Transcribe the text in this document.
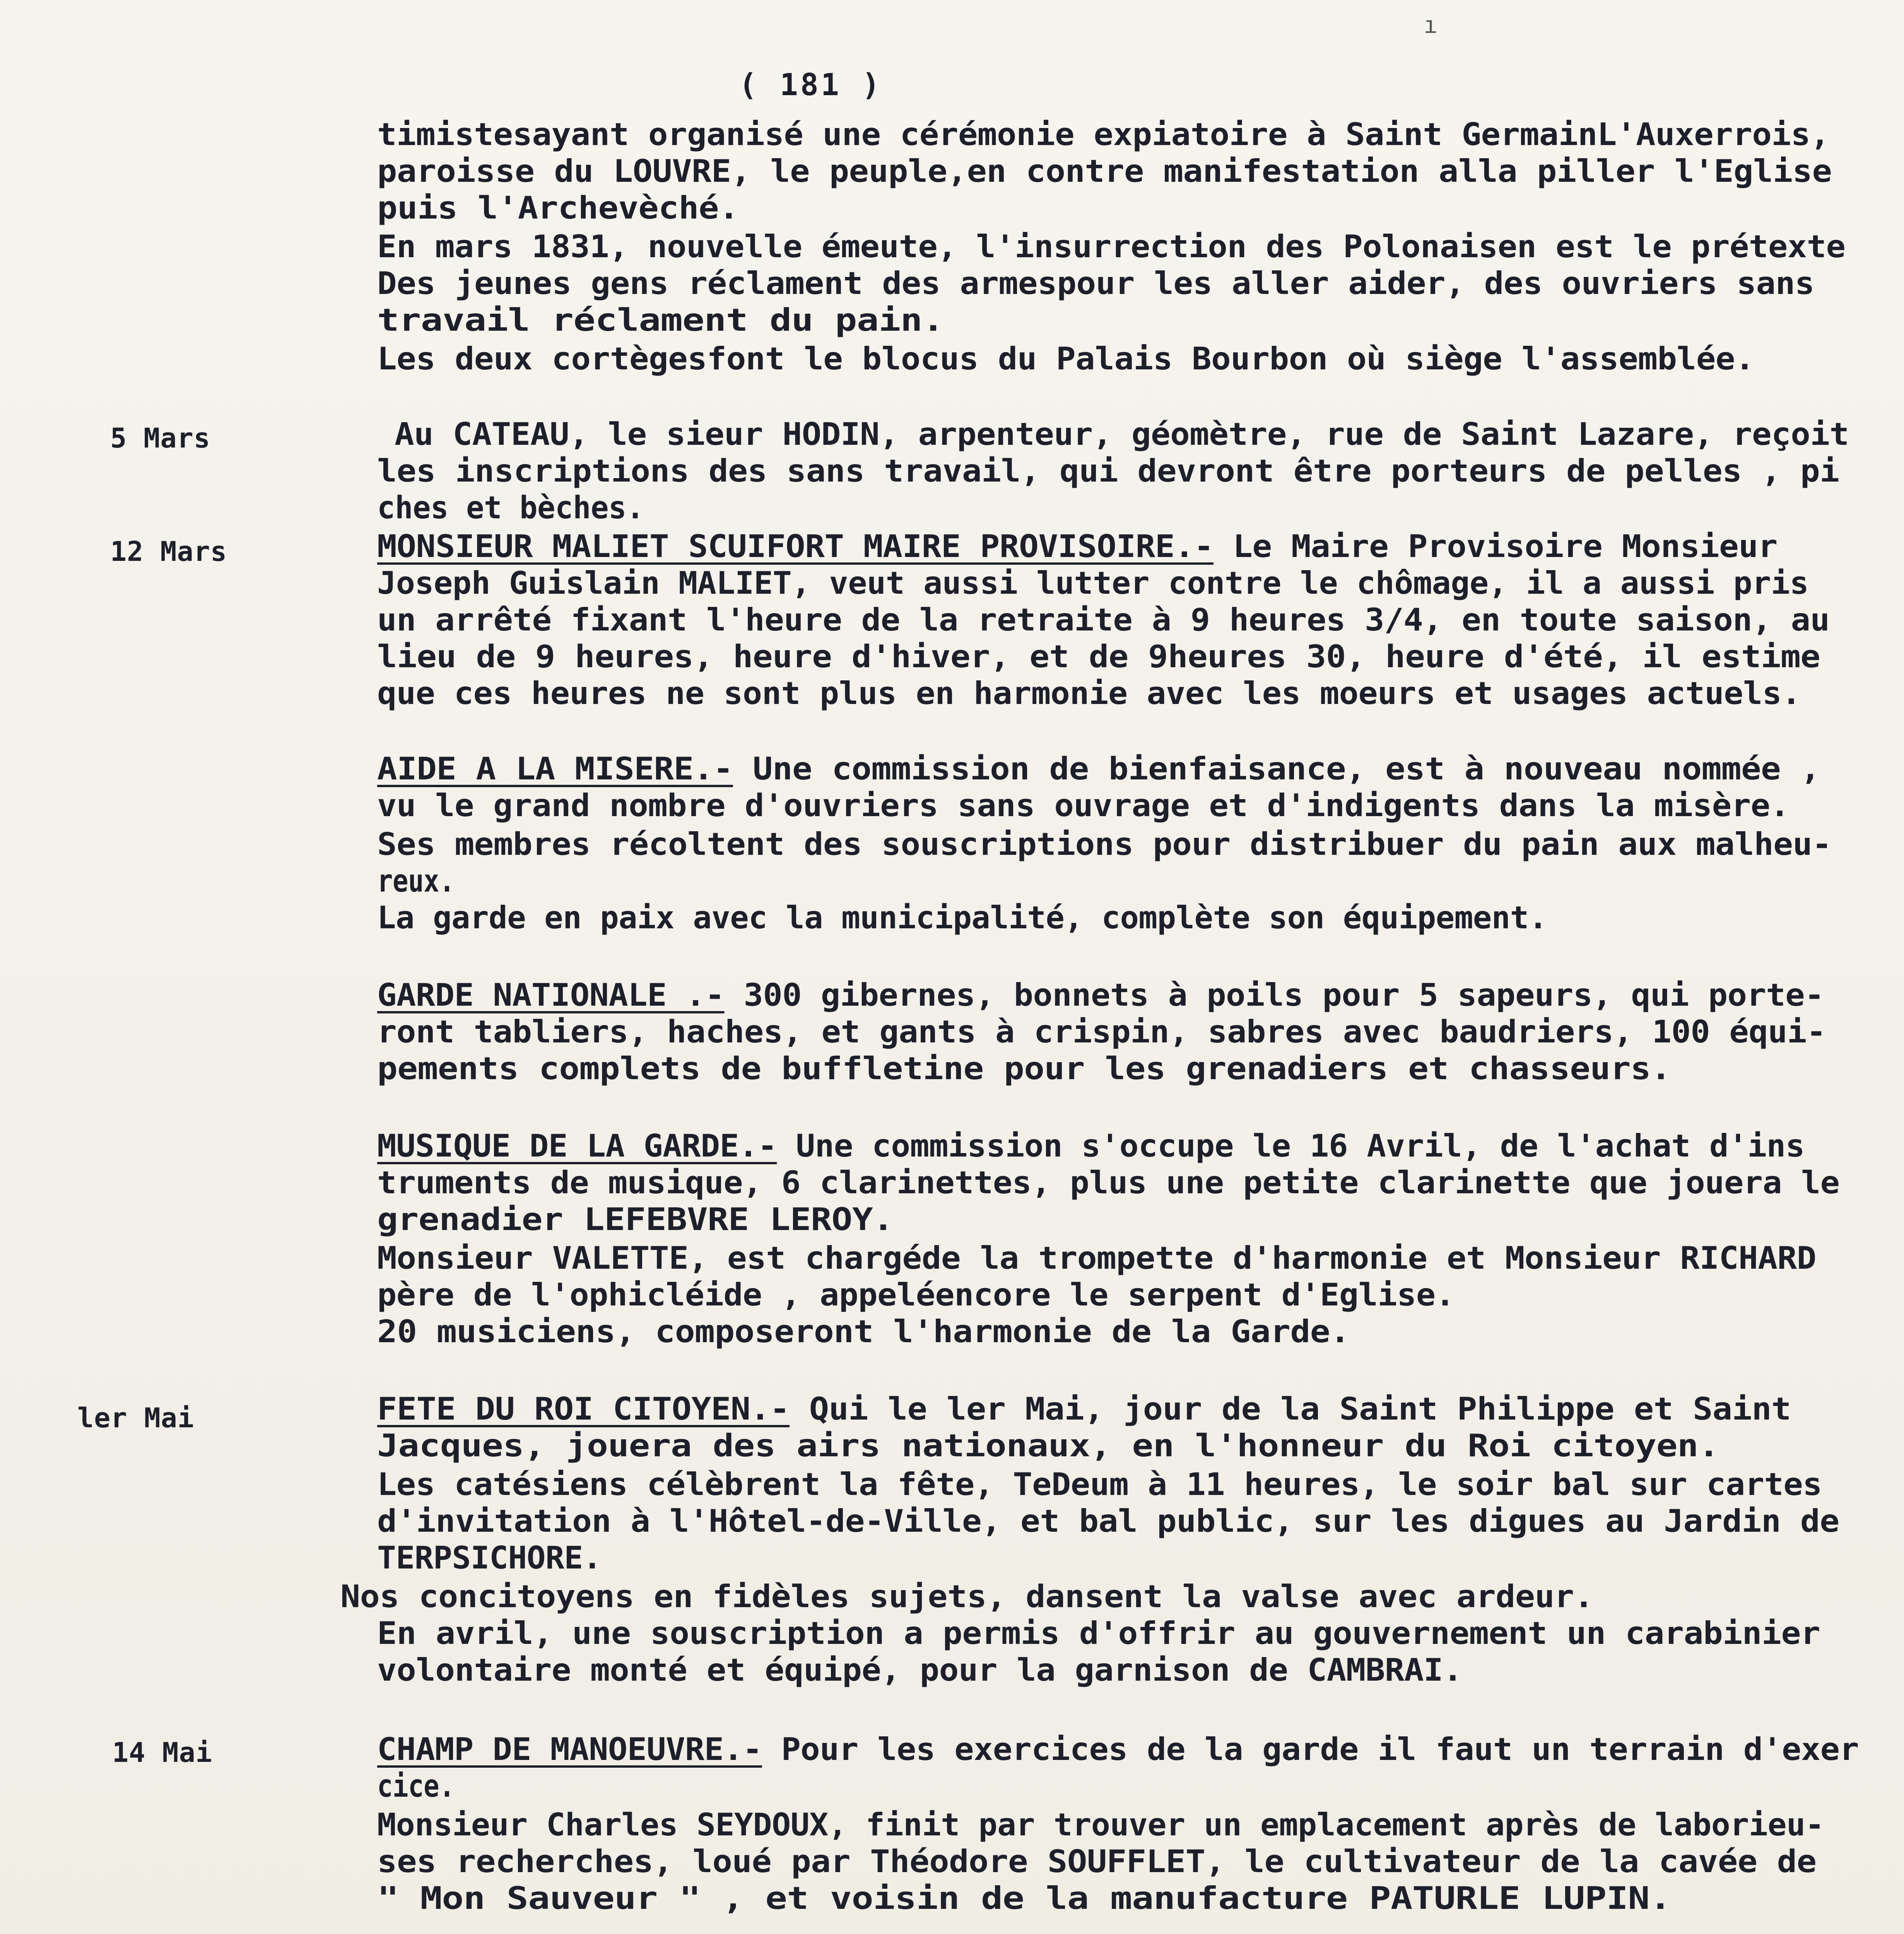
ı
( 181 )
5 Mars
12 Mars
ler Mai
14 Mai
timistesayant organisé une cérémonie expiatoire à Saint GermainL'Auxerrois,
paroisse du LOUVRE, le peuple,en contre manifestation alla piller l'Eglise
puis l'Archevèché.
En mars 1831, nouvelle émeute, l'insurrection des Polonaisen est le prétexte
Des jeunes gens réclament des armespour les aller aider, des ouvriers sans
travail réclament du pain.
Les deux cortègesfont le blocus du Palais Bourbon où siège l'assemblée.
Au CATEAU, le sieur HODIN, arpenteur, géomètre, rue de Saint Lazare, reçoit
les inscriptions des sans travail, qui devront être porteurs de pelles , pi
ches et bèches.
MONSIEUR MALIET SCUIFORT MAIRE PROVISOIRE.- Le Maire Provisoire Monsieur
Joseph Guislain MALIET, veut aussi lutter contre le chômage, il a aussi pris
un arrêté fixant l'heure de la retraite à 9 heures 3/4, en toute saison, au
lieu de 9 heures, heure d'hiver, et de 9heures 30, heure d'été, il estime
que ces heures ne sont plus en harmonie avec les moeurs et usages actuels.
AIDE A LA MISERE.- Une commission de bienfaisance, est à nouveau nommée ,
vu le grand nombre d'ouvriers sans ouvrage et d'indigents dans la misère.
Ses membres récoltent des souscriptions pour distribuer du pain aux malheu-
reux.
La garde en paix avec la municipalité, complète son équipement.
GARDE NATIONALE .- 300 gibernes, bonnets à poils pour 5 sapeurs, qui porte-
ront tabliers, haches, et gants à crispin, sabres avec baudriers, 100 équi-
pements complets de buffletine pour les grenadiers et chasseurs.
MUSIQUE DE LA GARDE.- Une commission s'occupe le 16 Avril, de l'achat d'ins
truments de musique, 6 clarinettes, plus une petite clarinette que jouera le
grenadier LEFEBVRE LEROY.
Monsieur VALETTE, est chargéde la trompette d'harmonie et Monsieur RICHARD
père de l'ophicléide , appeléencore le serpent d'Eglise.
20 musiciens, composeront l'harmonie de la Garde.
FETE DU ROI CITOYEN.- Qui le ler Mai, jour de la Saint Philippe et Saint
Jacques, jouera des airs nationaux, en l'honneur du Roi citoyen.
Les catésiens célèbrent la fête, TeDeum à 11 heures, le soir bal sur cartes
d'invitation à l'Hôtel-de-Ville, et bal public, sur les digues au Jardin de
TERPSICHORE.
Nos concitoyens en fidèles sujets, dansent la valse avec ardeur.
En avril, une souscription a permis d'offrir au gouvernement un carabinier
volontaire monté et équipé, pour la garnison de CAMBRAI.
CHAMP DE MANOEUVRE.- Pour les exercices de la garde il faut un terrain d'exer
cice.
Monsieur Charles SEYDOUX, finit par trouver un emplacement après de laborieu-
ses recherches, loué par Théodore SOUFFLET, le cultivateur de la cavée de
" Mon Sauveur " , et voisin de la manufacture PATURLE LUPIN.
